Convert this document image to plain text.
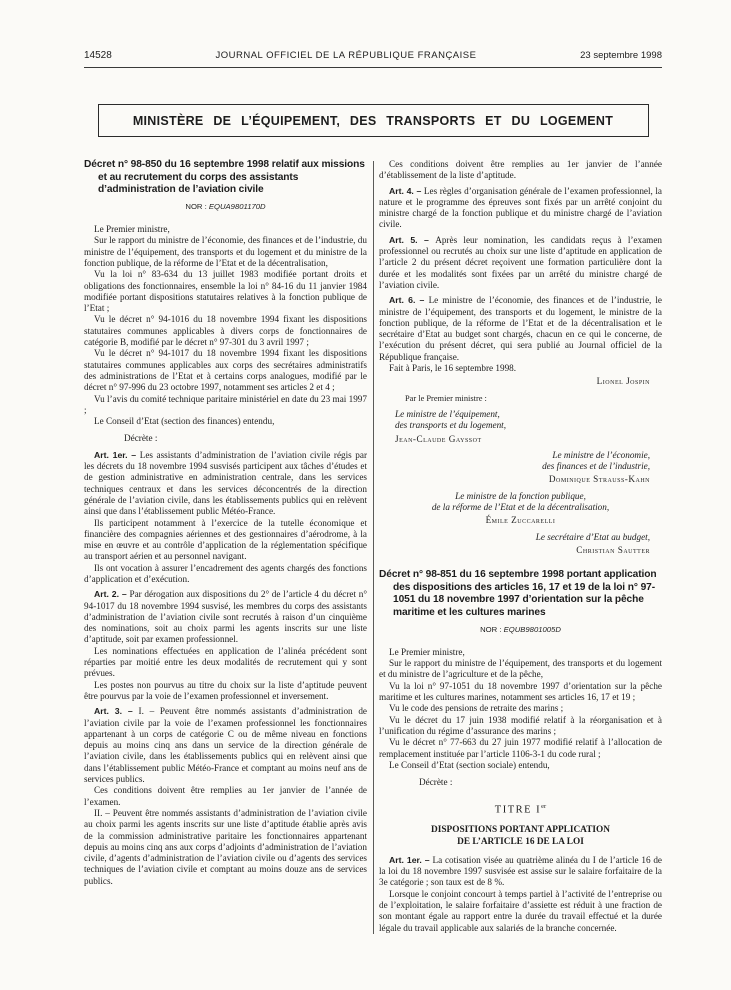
14528	JOURNAL OFFICIEL DE LA RÉPUBLIQUE FRANÇAISE	23 septembre 1998
MINISTÈRE DE L’ÉQUIPEMENT, DES TRANSPORTS ET DU LOGEMENT
Décret n° 98-850 du 16 septembre 1998 relatif aux missions et au recrutement du corps des assistants d’administration de l’aviation civile
NOR : EQUA9801170D
Le Premier ministre,
Sur le rapport du ministre de l’économie, des finances et de l’industrie, du ministre de l’équipement, des transports et du logement et du ministre de la fonction publique, de la réforme de l’Etat et de la décentralisation,
Vu la loi n° 83-634 du 13 juillet 1983 modifiée portant droits et obligations des fonctionnaires, ensemble la loi n° 84-16 du 11 janvier 1984 modifiée portant dispositions statutaires relatives à la fonction publique de l’Etat ;
Vu le décret n° 94-1016 du 18 novembre 1994 fixant les dispositions statutaires communes applicables à divers corps de fonctionnaires de catégorie B, modifié par le décret n° 97-301 du 3 avril 1997 ;
Vu le décret n° 94-1017 du 18 novembre 1994 fixant les dispositions statutaires communes applicables aux corps des secrétaires administratifs des administrations de l’Etat et à certains corps analogues, modifié par le décret n° 97-996 du 23 octobre 1997, notamment ses articles 2 et 4 ;
Vu l’avis du comité technique paritaire ministériel en date du 23 mai 1997 ;
Le Conseil d’Etat (section des finances) entendu,
Décrète :
Art. 1er. – Les assistants d’administration de l’aviation civile régis par les décrets du 18 novembre 1994 susvisés participent aux tâches d’études et de gestion administrative en administration centrale, dans les services techniques centraux et dans les services déconcentrés de la direction générale de l’aviation civile, dans les établissements publics qui en relèvent ainsi que dans l’établissement public Météo-France.
Ils participent notamment à l’exercice de la tutelle économique et financière des compagnies aériennes et des gestionnaires d’aérodrome, à la mise en œuvre et au contrôle d’application de la réglementation spécifique au transport aérien et au personnel navigant.
Ils ont vocation à assurer l’encadrement des agents chargés des fonctions d’application et d’exécution.
Art. 2. – Par dérogation aux dispositions du 2° de l’article 4 du décret n° 94-1017 du 18 novembre 1994 susvisé, les membres du corps des assistants d’administration de l’aviation civile sont recrutés à raison d’un cinquième des nominations, soit au choix parmi les agents inscrits sur une liste d’aptitude, soit par examen professionnel.
Les nominations effectuées en application de l’alinéa précédent sont réparties par moitié entre les deux modalités de recrutement qui y sont prévues.
Les postes non pourvus au titre du choix sur la liste d’aptitude peuvent être pourvus par la voie de l’examen professionnel et inversement.
Art. 3. – I. – Peuvent être nommés assistants d’administration de l’aviation civile par la voie de l’examen professionnel les fonctionnaires appartenant à un corps de catégorie C ou de même niveau en fonctions depuis au moins cinq ans dans un service de la direction générale de l’aviation civile, dans les établissements publics qui en relèvent ainsi que dans l’établissement public Météo-France et comptant au moins neuf ans de services publics.
Ces conditions doivent être remplies au 1er janvier de l’année de l’examen.
II. – Peuvent être nommés assistants d’administration de l’aviation civile au choix parmi les agents inscrits sur une liste d’aptitude établie après avis de la commission administrative paritaire les fonctionnaires appartenant depuis au moins cinq ans aux corps d’adjoints d’administration de l’aviation civile, d’agents d’administration de l’aviation civile ou d’agents des services techniques de l’aviation civile et comptant au moins douze ans de services publics.
Ces conditions doivent être remplies au 1er janvier de l’année d’établissement de la liste d’aptitude.
Art. 4. – Les règles d’organisation générale de l’examen professionnel, la nature et le programme des épreuves sont fixés par un arrêté conjoint du ministre chargé de la fonction publique et du ministre chargé de l’aviation civile.
Art. 5. – Après leur nomination, les candidats reçus à l’examen professionnel ou recrutés au choix sur une liste d’aptitude en application de l’article 2 du présent décret reçoivent une formation particulière dont la durée et les modalités sont fixées par un arrêté du ministre chargé de l’aviation civile.
Art. 6. – Le ministre de l’économie, des finances et de l’industrie, le ministre de l’équipement, des transports et du logement, le ministre de la fonction publique, de la réforme de l’Etat et de la décentralisation et le secrétaire d’Etat au budget sont chargés, chacun en ce qui le concerne, de l’exécution du présent décret, qui sera publié au Journal officiel de la République française.
Fait à Paris, le 16 septembre 1998.
Lionel Jospin
Par le Premier ministre :
Le ministre de l’équipement,
des transports et du logement,
Jean-Claude Gayssot
Le ministre de l’économie,
des finances et de l’industrie,
Dominique Strauss-Kahn
Le ministre de la fonction publique,
de la réforme de l’Etat et de la décentralisation,
Émile Zuccarelli
Le secrétaire d’Etat au budget,
Christian Sautter
Décret n° 98-851 du 16 septembre 1998 portant application des dispositions des articles 16, 17 et 19 de la loi n° 97-1051 du 18 novembre 1997 d’orientation sur la pêche maritime et les cultures marines
NOR : EQUB9801005D
Le Premier ministre,
Sur le rapport du ministre de l’équipement, des transports et du logement et du ministre de l’agriculture et de la pêche,
Vu la loi n° 97-1051 du 18 novembre 1997 d’orientation sur la pêche maritime et les cultures marines, notamment ses articles 16, 17 et 19 ;
Vu le code des pensions de retraite des marins ;
Vu le décret du 17 juin 1938 modifié relatif à la réorganisation et à l’unification du régime d’assurance des marins ;
Vu le décret n° 77-663 du 27 juin 1977 modifié relatif à l’allocation de remplacement instituée par l’article 1106-3-1 du code rural ;
Le Conseil d’Etat (section sociale) entendu,
Décrète :
TITRE Ier
DISPOSITIONS PORTANT APPLICATION
DE L’ARTICLE 16 DE LA LOI
Art. 1er. – La cotisation visée au quatrième alinéa du I de l’article 16 de la loi du 18 novembre 1997 susvisée est assise sur le salaire forfaitaire de la 3e catégorie ; son taux est de 8 %.
Lorsque le conjoint concourt à temps partiel à l’activité de l’entreprise ou de l’exploitation, le salaire forfaitaire d’assiette est réduit à une fraction de son montant égale au rapport entre la durée du travail effectué et la durée légale du travail applicable aux salariés de la branche concernée.
